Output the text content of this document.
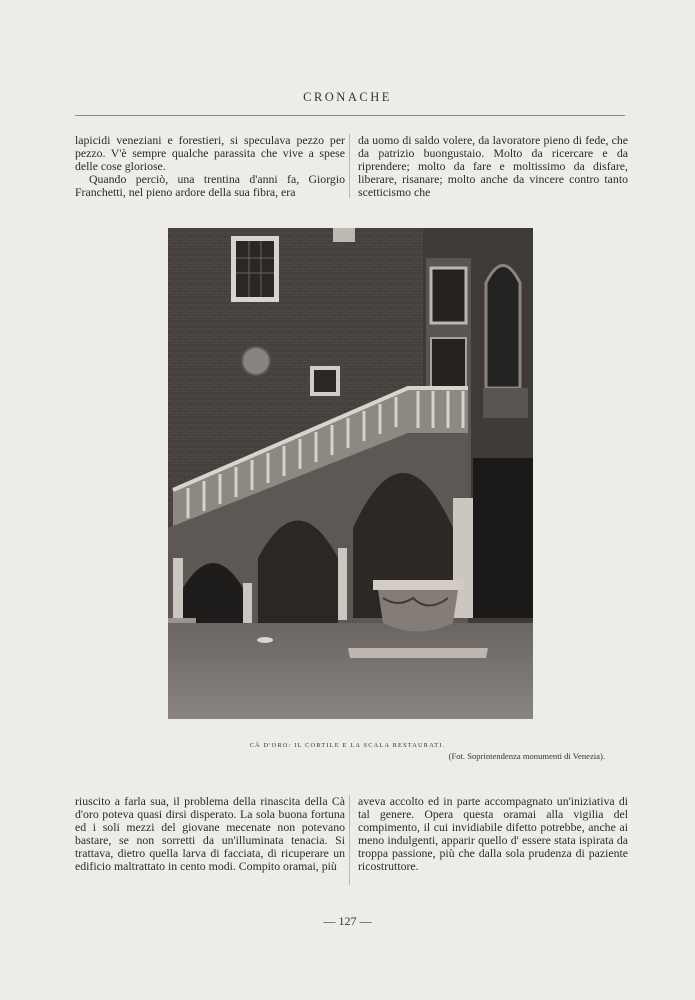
CRONACHE

lapicidi veneziani e forestieri, si speculava pezzo per pezzo. V'è sempre qualche parassita che vive a spese delle cose gloriose.

Quando perciò, una trentina d'anni fa, Giorgio Franchetti, nel pieno ardore della sua fibra, era

da uomo di saldo volere, da lavoratore pieno di fede, che da patrizio buongustaio. Molto da ricercare e da riprendere; molto da fare e moltissimo da disfare, liberare, risanare; molto anche da vincere contro tanto scetticismo che

CÀ D'ORO: IL CORTILE E LA SCALA RESTAURATI.
(Fot. Soprintendenza monumenti di Venezia).

riuscito a farla sua, il problema della rinascita della Cà d'oro poteva quasi dirsi disperato. La sola buona fortuna ed i soli mezzi del giovane mecenate non potevano bastare, se non sorretti da un'illuminata tenacia. Si trattava, dietro quella larva di facciata, di ricuperare un edificio maltrattato in cento modi. Compito oramai, più

aveva accolto ed in parte accompagnato un'iniziativa di tal genere. Opera questa oramai alla vigilia del compimento, il cui invidiabile difetto potrebbe, anche ai meno indulgenti, apparir quello d' essere stata ispirata da troppa passione, più che dalla sola prudenza di paziente ricostruttore.

— 127 —
